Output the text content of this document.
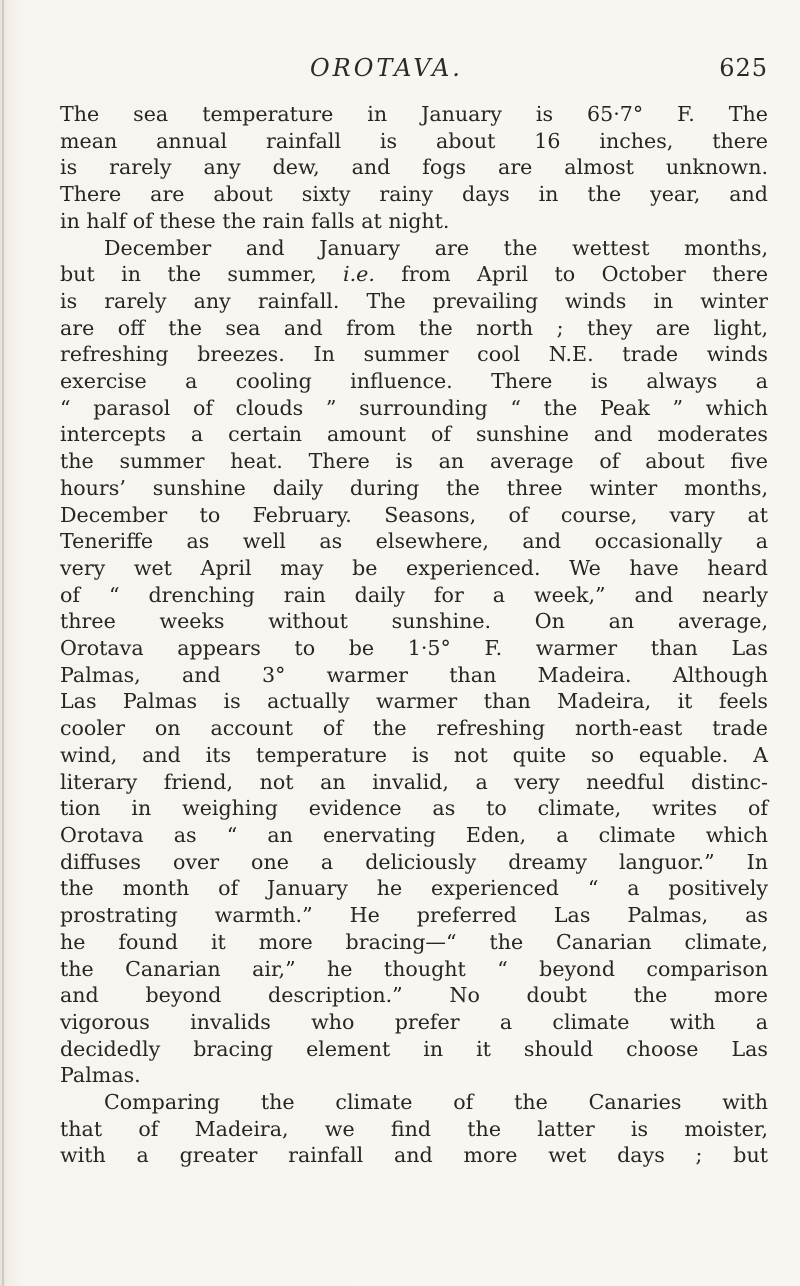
OROTAVA.	625
The sea temperature in January is 65·7° F. The
mean annual rainfall is about 16 inches, there
is rarely any dew, and fogs are almost unknown.
There are about sixty rainy days in the year, and
in half of these the rain falls at night.
December and January are the wettest months,
but in the summer, i.e. from April to October there
is rarely any rainfall. The prevailing winds in winter
are off the sea and from the north ; they are light,
refreshing breezes. In summer cool N.E. trade winds
exercise a cooling influence. There is always a
“ parasol of clouds ” surrounding “ the Peak ” which
intercepts a certain amount of sunshine and moderates
the summer heat. There is an average of about five
hours’ sunshine daily during the three winter months,
December to February. Seasons, of course, vary at
Teneriffe as well as elsewhere, and occasionally a
very wet April may be experienced. We have heard
of “ drenching rain daily for a week,” and nearly
three weeks without sunshine. On an average,
Orotava appears to be 1·5° F. warmer than Las
Palmas, and 3° warmer than Madeira. Although
Las Palmas is actually warmer than Madeira, it feels
cooler on account of the refreshing north-east trade
wind, and its temperature is not quite so equable. A
literary friend, not an invalid, a very needful distinc-
tion in weighing evidence as to climate, writes of
Orotava as “ an enervating Eden, a climate which
diffuses over one a deliciously dreamy languor.” In
the month of January he experienced “ a positively
prostrating warmth.” He preferred Las Palmas, as
he found it more bracing—“ the Canarian climate,
the Canarian air,” he thought “ beyond comparison
and beyond description.” No doubt the more
vigorous invalids who prefer a climate with a
decidedly bracing element in it should choose Las
Palmas.
Comparing the climate of the Canaries with
that of Madeira, we find the latter is moister,
with a greater rainfall and more wet days ; but
